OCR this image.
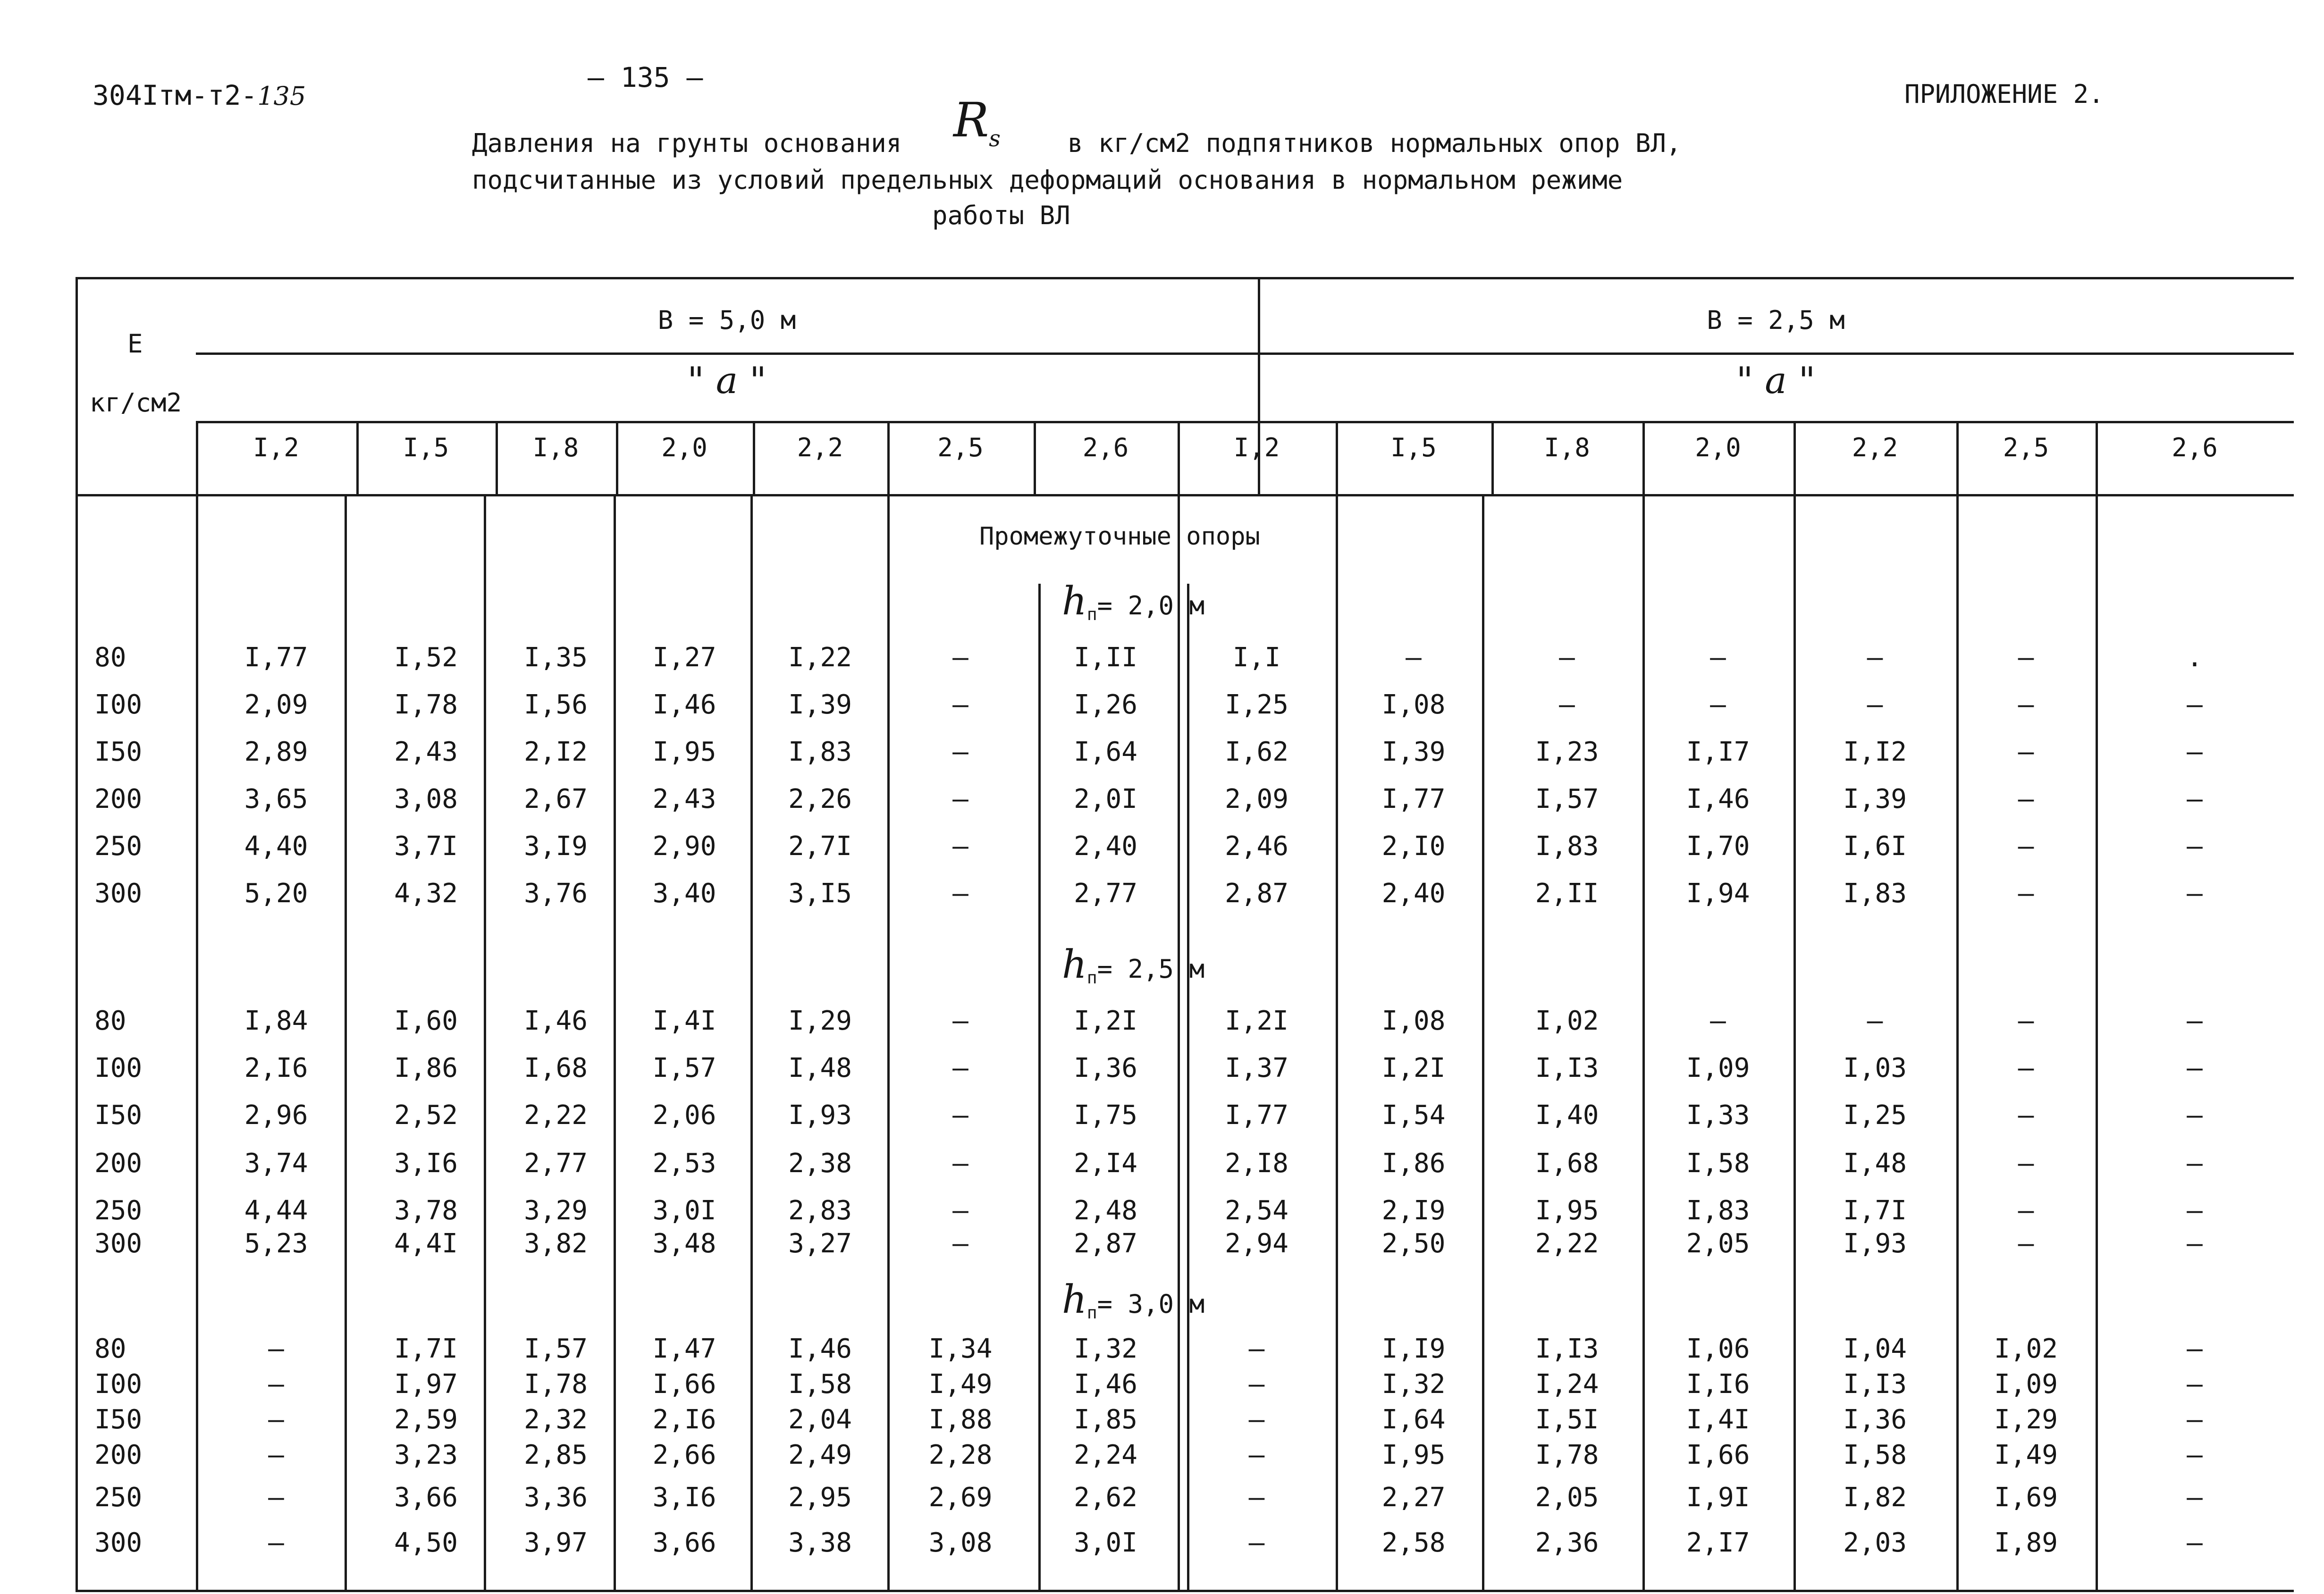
304Iтм-т2-135
— 135 —
ПРИЛОЖЕНИЕ 2.
Давления на грунты основания $R_s$	в кг/см2 подпятников нормальных опор ВЛ,
подсчитанные из условий предельных деформаций основания в нормальном режиме
работы ВЛ
E
кг/см2
B = 5,0 м	B = 2,5 м
" a "	" a "
I,2	I,5	I,8	2,0	2,2	2,5	2,6	I,2	I,5	I,8	2,0	2,2	2,5	2,6
Промежуточные опоры
$h_п= 2,0$ м
80	I,77	I,52	I,35	I,27	I,22	–	I,II	I,I	–	–	–	–	–	.
I00	2,09	I,78	I,56	I,46	I,39	–	I,26	I,25	I,08	–	–	–	–	–
I50	2,89	2,43	2,I2	I,95	I,83	–	I,64	I,62	I,39	I,23	I,I7	I,I2	–	–
200	3,65	3,08	2,67	2,43	2,26	–	2,0I	2,09	I,77	I,57	I,46	I,39	–	–
250	4,40	3,7I	3,I9	2,90	2,7I	–	2,40	2,46	2,I0	I,83	I,70	I,6I	–	–
300	5,20	4,32	3,76	3,40	3,I5	–	2,77	2,87	2,40	2,II	I,94	I,83	–	–
$h_п= 2,5$ м
80	I,84	I,60	I,46	I,4I	I,29	–	I,2I	I,2I	I,08	I,02	–	–	–	–
I00	2,I6	I,86	I,68	I,57	I,48	–	I,36	I,37	I,2I	I,I3	I,09	I,03	–	–
I50	2,96	2,52	2,22	2,06	I,93	–	I,75	I,77	I,54	I,40	I,33	I,25	–	–
200	3,74	3,I6	2,77	2,53	2,38	–	2,I4	2,I8	I,86	I,68	I,58	I,48	–	–
250	4,44	3,78	3,29	3,0I	2,83	–	2,48	2,54	2,I9	I,95	I,83	I,7I	–	–
300	5,23	4,4I	3,82	3,48	3,27	–	2,87	2,94	2,50	2,22	2,05	I,93	–	–
$h_п= 3,0$ м
80	–	I,7I	I,57	I,47	I,46	I,34	I,32	–	I,I9	I,I3	I,06	I,04	I,02	–
I00	–	I,97	I,78	I,66	I,58	I,49	I,46	–	I,32	I,24	I,I6	I,I3	I,09	–
I50	–	2,59	2,32	2,I6	2,04	I,88	I,85	–	I,64	I,5I	I,4I	I,36	I,29	–
200	–	3,23	2,85	2,66	2,49	2,28	2,24	–	I,95	I,78	I,66	I,58	I,49	–
250	–	3,66	3,36	3,I6	2,95	2,69	2,62	–	2,27	2,05	I,9I	I,82	I,69	–
300	–	4,50	3,97	3,66	3,38	3,08	3,0I	–	2,58	2,36	2,I7	2,03	I,89	–
